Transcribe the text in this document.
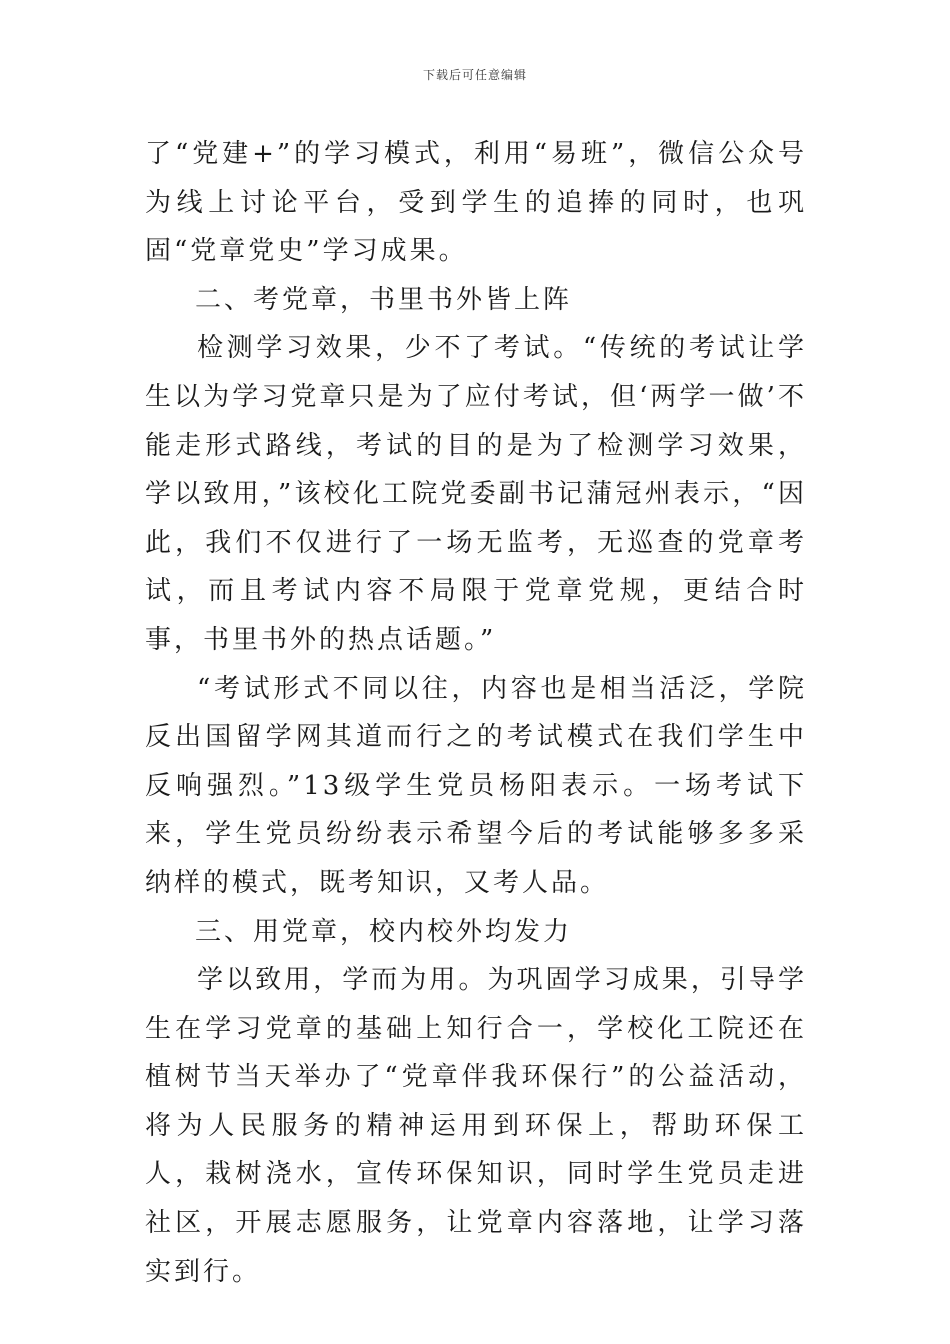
下载后可任意编辑

了“党建+”的学习模式，利用“易班”，微信公众号为线上讨论平台，受到学生的追捧的同时，也巩固“党章党史”学习成果。

二、考党章，书里书外皆上阵

检测学习效果，少不了考试。“传统的考试让学生以为学习党章只是为了应付考试，但‘两学一做’不能走形式路线，考试的目的是为了检测学习效果，学以致用，”该校化工院党委副书记蒲冠州表示，“因此，我们不仅进行了一场无监考，无巡查的党章考试，而且考试内容不局限于党章党规，更结合时事，书里书外的热点话题。”

“考试形式不同以往，内容也是相当活泛，学院反出国留学网其道而行之的考试模式在我们学生中反响强烈。”13级学生党员杨阳表示。一场考试下来，学生党员纷纷表示希望今后的考试能够多多采纳样的模式，既考知识，又考人品。

三、用党章，校内校外均发力

学以致用，学而为用。为巩固学习成果，引导学生在学习党章的基础上知行合一，学校化工院还在植树节当天举办了“党章伴我环保行”的公益活动，将为人民服务的精神运用到环保上，帮助环保工人，栽树浇水，宣传环保知识，同时学生党员走进社区，开展志愿服务，让党章内容落地，让学习落实到行。
